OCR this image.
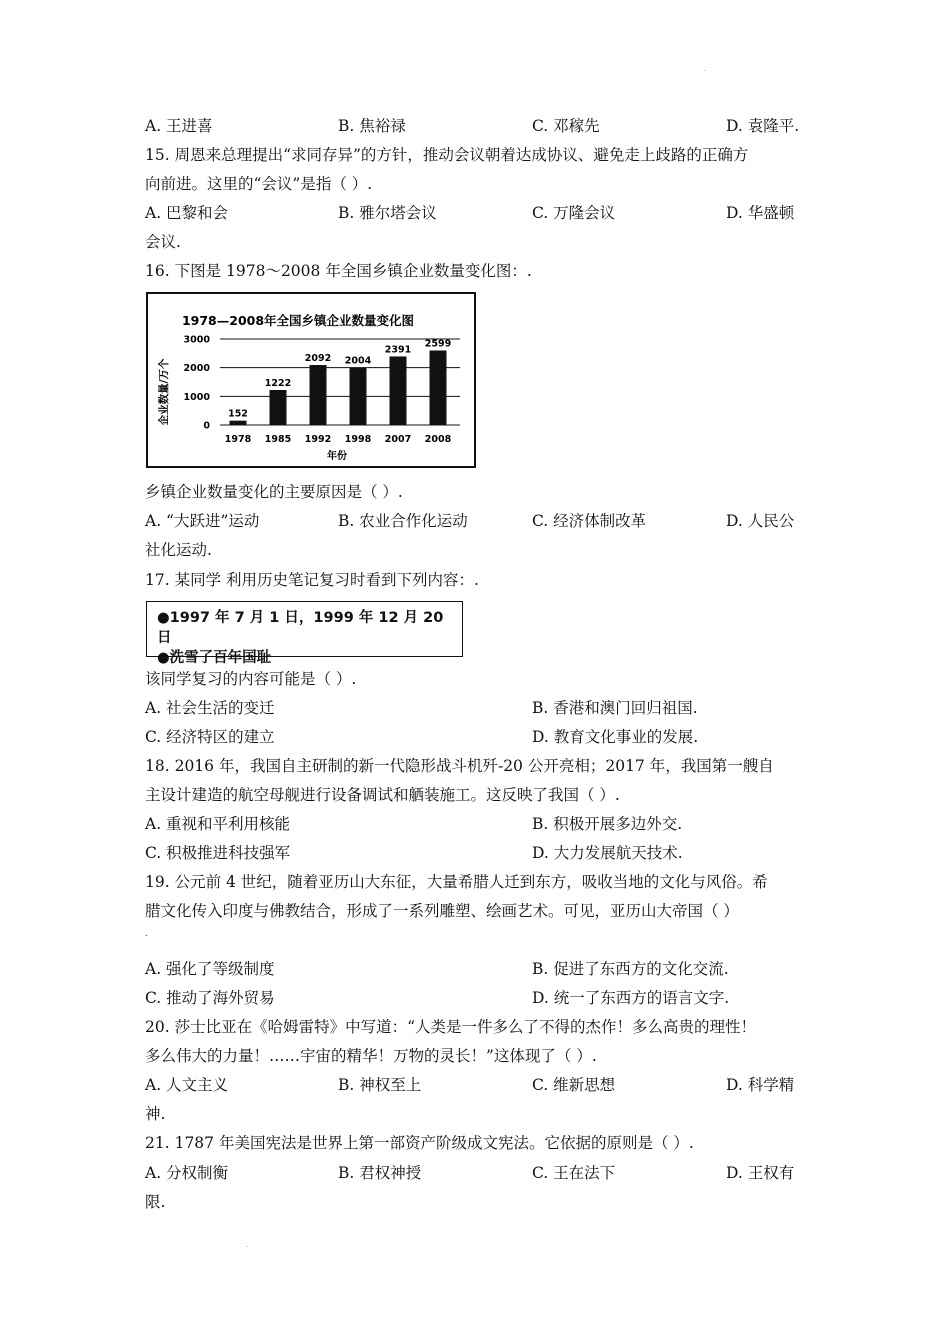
.
A. 王进喜	B. 焦裕禄	C. 邓稼先	D. 袁隆平.
15. 周恩来总理提出“求同存异”的方针，推动会议朝着达成协议、避免走上歧路的正确方
向前进。这里的“会议”是指（ ）.
A. 巴黎和会	B. 雅尔塔会议	C. 万隆会议	D. 华盛顿
会议.
16. 下图是 1978～2008 年全国乡镇企业数量变化图：.
1978—2008年全国乡镇企业数量变化图
0
1000
2000
3000
152
1222
2092 2004
2391
2599
1978 1985 1992 1998 2007 2008
企业数量/万个
年份
乡镇企业数量变化的主要原因是（ ）.
A. “大跃进”运动	B. 农业合作化运动	C. 经济体制改革	D. 人民公
社化运动.
17. 某同学 利用历史笔记复习时看到下列内容：.
●1997 年 7 月 1 日，1999 年 12 月 20 日
●洗雪了百年国耻
该同学复习的内容可能是（ ）.
A. 社会生活的变迁	B. 香港和澳门回归祖国.
C. 经济特区的建立	D. 教育文化事业的发展.
18. 2016 年，我国自主研制的新一代隐形战斗机歼-20 公开亮相；2017 年，我国第一艘自
主设计建造的航空母舰进行设备调试和舾装施工。这反映了我国（ ）.
A. 重视和平利用核能	B. 积极开展多边外交.
C. 积极推进科技强军	D. 大力发展航天技术.
19. 公元前 4 世纪，随着亚历山大东征，大量希腊人迁到东方，吸收当地的文化与风俗。希
腊文化传入印度与佛教结合，形成了一系列雕塑、绘画艺术。可见，亚历山大帝国（ ）
.
A. 强化了等级制度	B. 促进了东西方的文化交流.
C. 推动了海外贸易	D. 统一了东西方的语言文字.
20. 莎士比亚在《哈姆雷特》中写道：“人类是一件多么了不得的杰作！多么高贵的理性！
多么伟大的力量！……宇宙的精华！万物的灵长！”这体现了（ ）.
A. 人文主义	B. 神权至上	C. 维新思想	D. 科学精
神.
21. 1787 年美国宪法是世界上第一部资产阶级成文宪法。它依据的原则是（ ）.
A. 分权制衡	B. 君权神授	C. 王在法下	D. 王权有
限.
.
